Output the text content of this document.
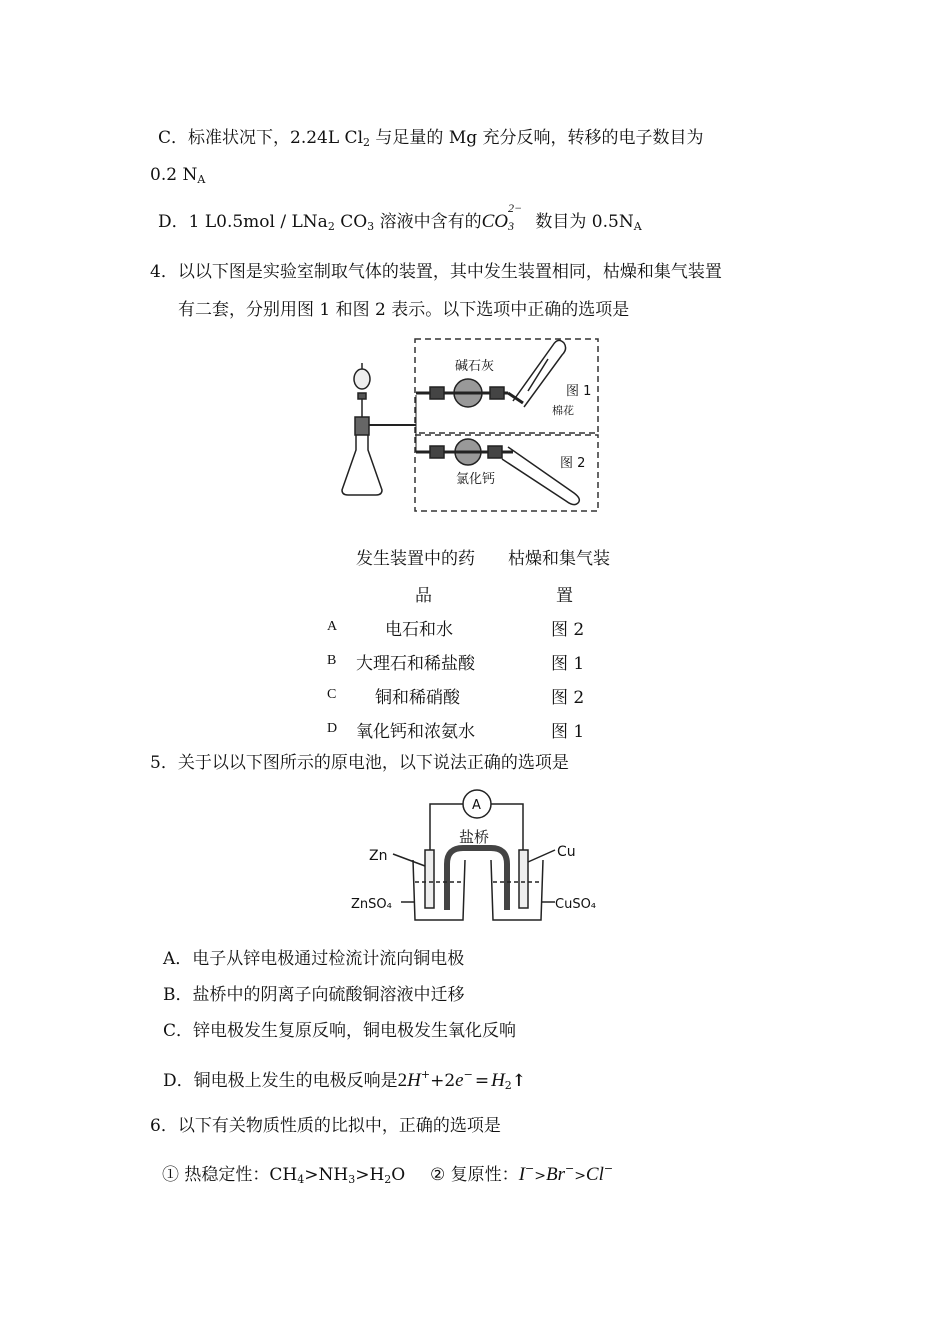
C．标准状况下，2.24L $Cl_2$ 与足量的 Mg 充分反响，转移的电子数目为
0.2 $N_A$
D．1 L0.5mol / LNa$_2$ $CO_3$ 溶液中含有的CO
2−
3 数目为 $0.5N_A$
4．以以下图是实验室制取气体的装置，其中发生装置相同，枯燥和集气装置
有二套，分别用图 1 和图 2 表示。以下选项中正确的选项是
碱石灰
图 1
棉花
氯化钙
图 2
发生装置中的药
品
枯燥和集气装
置
A	电石和水	图 2
B 大理石和稀盐酸	图 1
C 铜和稀硝酸	图 2
D 氧化钙和浓氨水	图 1
5．关于以以下图所示的原电池，以下说法正确的选项是
A
盐桥
Zn	Cu
ZnSO₄	CuSO₄
A．电子从锌电极通过检流计流向铜电极
B．盐桥中的阴离子向硫酸铜溶液中迁移
C．锌电极发生复原反响，铜电极发生氧化反响
D．铜电极上发生的电极反响是$2H^++2e^- = H_2↑$
6．以下有关物质性质的比拟中，正确的选项是
① 热稳定性：$CH_4>NH_3>H_2O$ ② 复原性：I−>Br−>Cl−
